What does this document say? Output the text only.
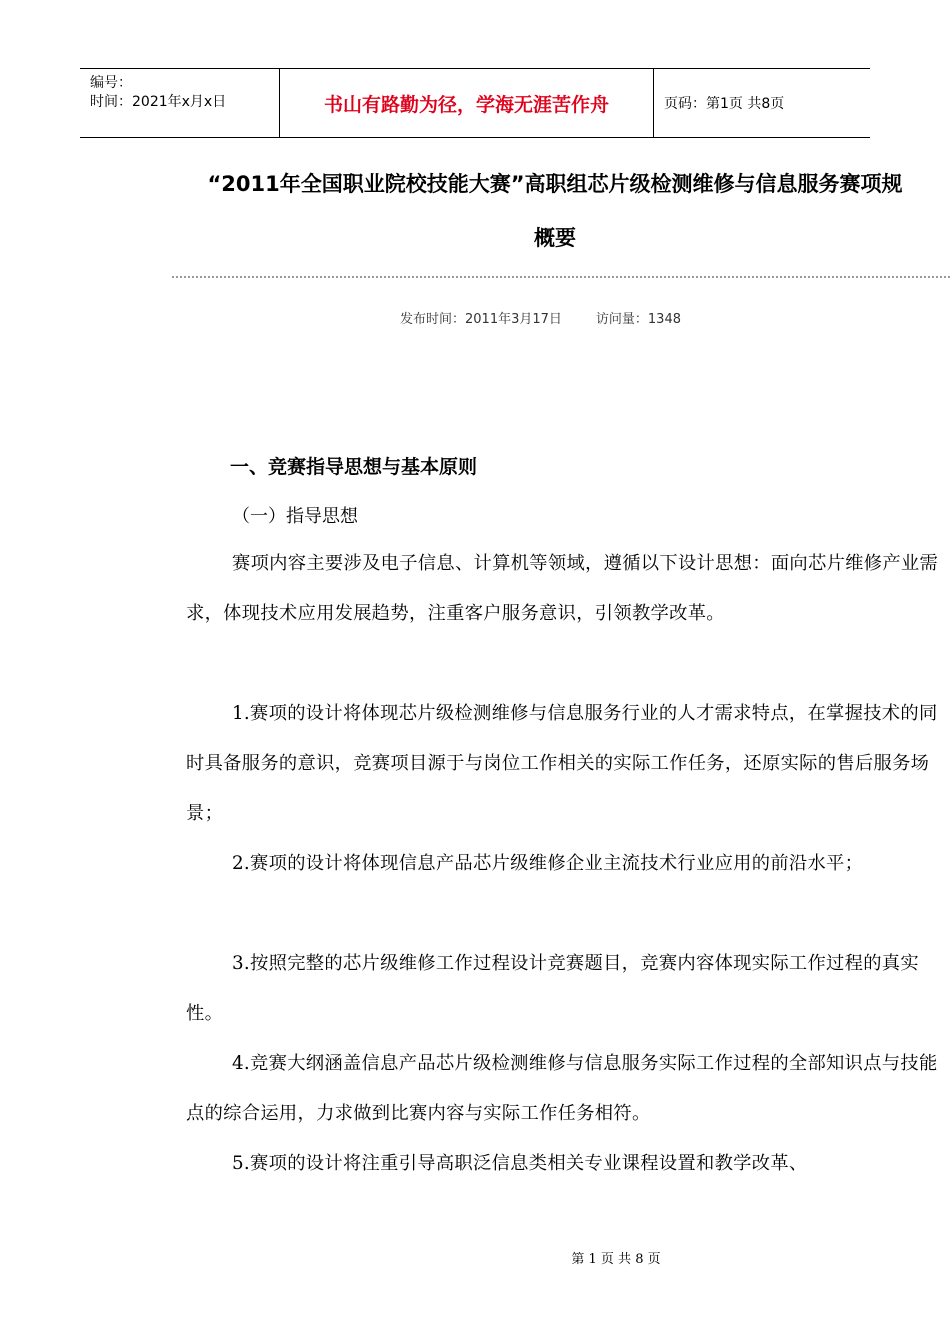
编号：
时间：2021年x月x日	书山有路勤为径，学海无涯苦作舟	页码：第1页 共8页
“2011年全国职业院校技能大赛”高职组芯片级检测维修与信息服务赛项规
概要
发布时间：2011年3月17日	访问量：1348
一、竞赛指导思想与基本原则
（一）指导思想
赛项内容主要涉及电子信息、计算机等领域，遵循以下设计思想：面向芯片维修产业需求，体现技术应用发展趋势，注重客户服务意识，引领教学改革。
1.赛项的设计将体现芯片级检测维修与信息服务行业的人才需求特点，在掌握技术的同时具备服务的意识，竞赛项目源于与岗位工作相关的实际工作任务，还原实际的售后服务场景；
2.赛项的设计将体现信息产品芯片级维修企业主流技术行业应用的前沿水平；
3.按照完整的芯片级维修工作过程设计竞赛题目，竞赛内容体现实际工作过程的真实性。
4.竞赛大纲涵盖信息产品芯片级检测维修与信息服务实际工作过程的全部知识点与技能点的综合运用，力求做到比赛内容与实际工作任务相符。
5.赛项的设计将注重引导高职泛信息类相关专业课程设置和教学改革、
第 1 页 共 8 页
